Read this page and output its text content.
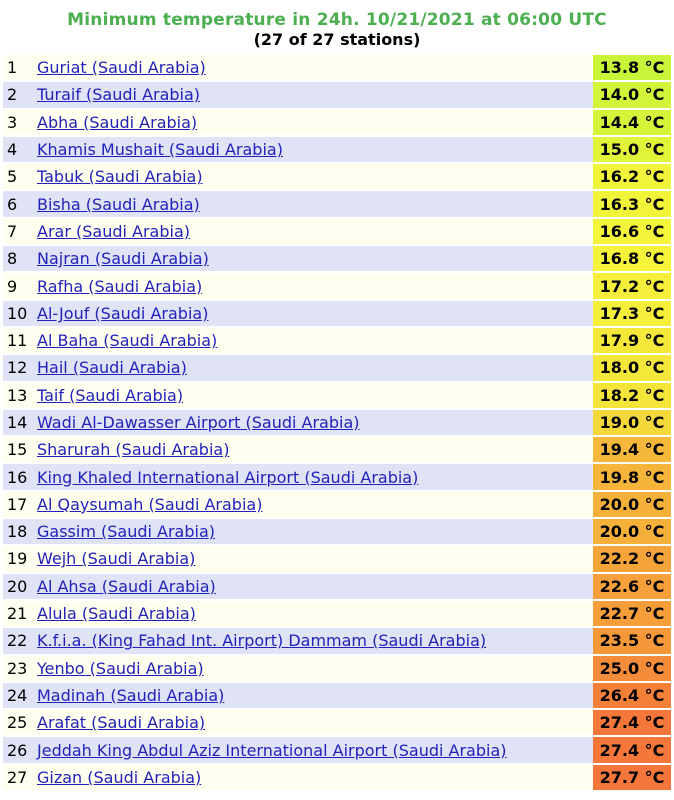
Minimum temperature in 24h. 10/21/2021 at 06:00 UTC
(27 of 27 stations)
1	Guriat (Saudi Arabia)	13.8 °C
2	Turaif (Saudi Arabia)	14.0 °C
3	Abha (Saudi Arabia)	14.4 °C
4	Khamis Mushait (Saudi Arabia)	15.0 °C
5	Tabuk (Saudi Arabia)	16.2 °C
6	Bisha (Saudi Arabia)	16.3 °C
7	Arar (Saudi Arabia)	16.6 °C
8	Najran (Saudi Arabia)	16.8 °C
9	Rafha (Saudi Arabia)	17.2 °C
10	Al-Jouf (Saudi Arabia)	17.3 °C
11	Al Baha (Saudi Arabia)	17.9 °C
12	Hail (Saudi Arabia)	18.0 °C
13	Taif (Saudi Arabia)	18.2 °C
14	Wadi Al-Dawasser Airport (Saudi Arabia)	19.0 °C
15	Sharurah (Saudi Arabia)	19.4 °C
16	King Khaled International Airport (Saudi Arabia)	19.8 °C
17	Al Qaysumah (Saudi Arabia)	20.0 °C
18	Gassim (Saudi Arabia)	20.0 °C
19	Wejh (Saudi Arabia)	22.2 °C
20	Al Ahsa (Saudi Arabia)	22.6 °C
21	Alula (Saudi Arabia)	22.7 °C
22	K.f.i.a. (King Fahad Int. Airport) Dammam (Saudi Arabia)	23.5 °C
23	Yenbo (Saudi Arabia)	25.0 °C
24	Madinah (Saudi Arabia)	26.4 °C
25	Arafat (Saudi Arabia)	27.4 °C
26	Jeddah King Abdul Aziz International Airport (Saudi Arabia)	27.4 °C
27	Gizan (Saudi Arabia)	27.7 °C
